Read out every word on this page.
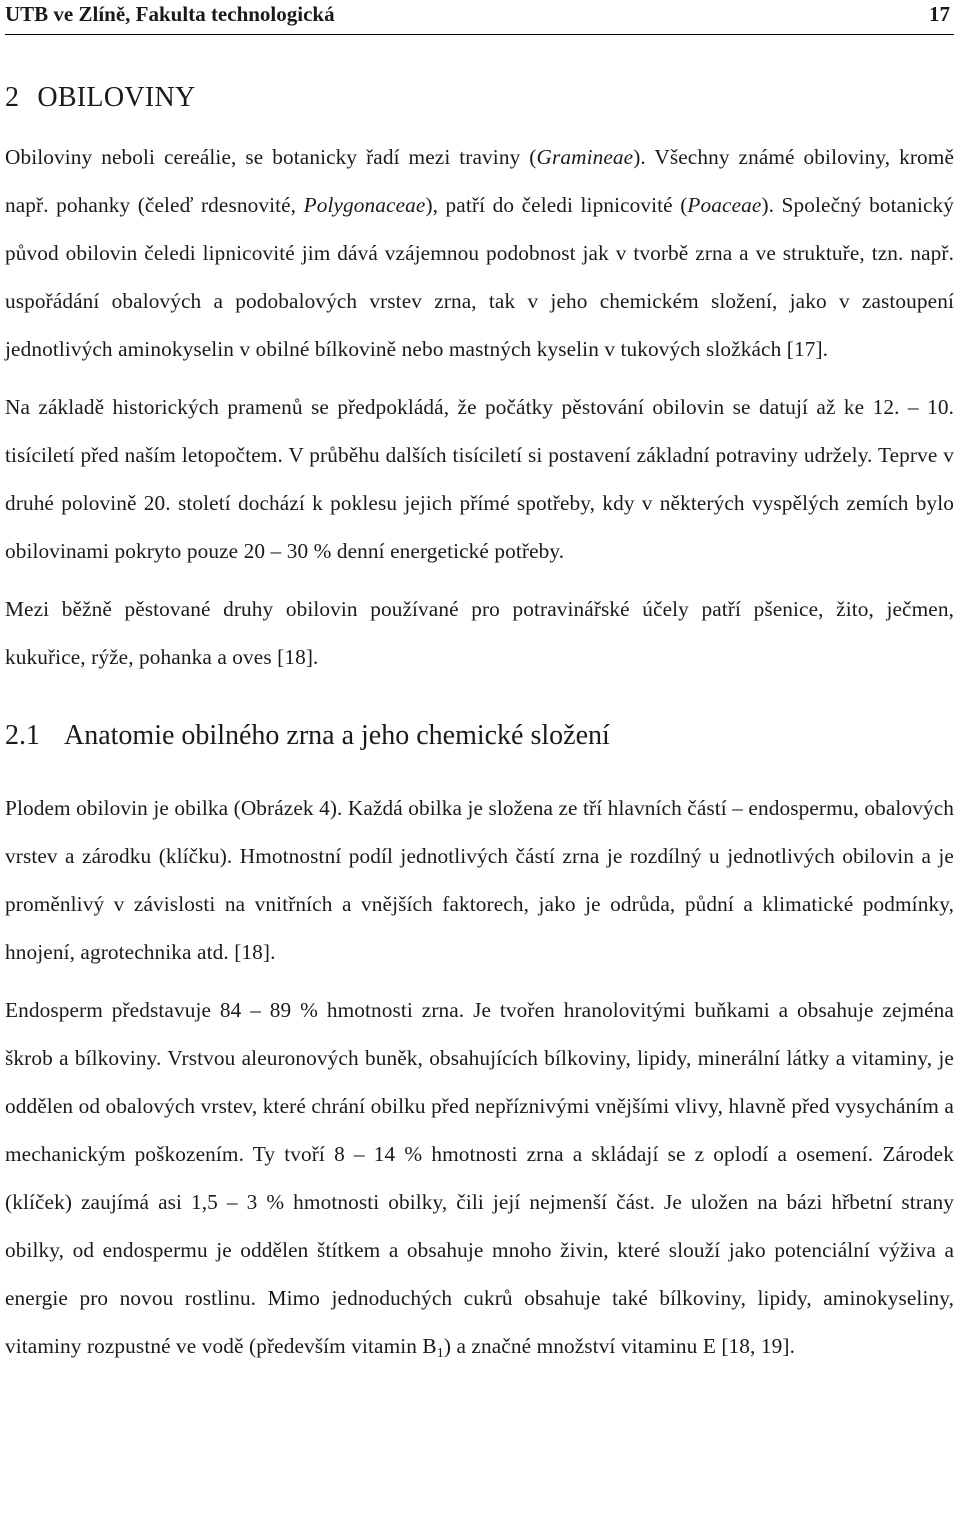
UTB ve Zlíně, Fakulta technologická	17
2 OBILOVINY

Obiloviny neboli cereálie, se botanicky řadí mezi traviny (Gramineae). Všechny známé obiloviny, kromě např. pohanky (čeleď rdesnovité, Polygonaceae), patří do čeledi lipnicovité (Poaceae). Společný botanický původ obilovin čeledi lipnicovité jim dává vzájemnou podobnost jak v tvorbě zrna a ve struktuře, tzn. např. uspořádání obalových a podobalových vrstev zrna, tak v jeho chemickém složení, jako v zastoupení jednotlivých aminokyselin v obilné bílkovině nebo mastných kyselin v tukových složkách [17].

Na základě historických pramenů se předpokládá, že počátky pěstování obilovin se datují až ke 12. – 10. tisíciletí před naším letopočtem. V průběhu dalších tisíciletí si postavení základní potraviny udržely. Teprve v druhé polovině 20. století dochází k poklesu jejich přímé spotřeby, kdy v některých vyspělých zemích bylo obilovinami pokryto pouze 20 – 30 % denní energetické potřeby.

Mezi běžně pěstované druhy obilovin používané pro potravinářské účely patří pšenice, žito, ječmen, kukuřice, rýže, pohanka a oves [18].

2.1 Anatomie obilného zrna a jeho chemické složení

Plodem obilovin je obilka (Obrázek 4). Každá obilka je složena ze tří hlavních částí – endospermu, obalových vrstev a zárodku (klíčku). Hmotnostní podíl jednotlivých částí zrna je rozdílný u jednotlivých obilovin a je proměnlivý v závislosti na vnitřních a vnějších faktorech, jako je odrůda, půdní a klimatické podmínky, hnojení, agrotechnika atd. [18].

Endosperm představuje 84 – 89 % hmotnosti zrna. Je tvořen hranolovitými buňkami a obsahuje zejména škrob a bílkoviny. Vrstvou aleuronových buněk, obsahujících bílkoviny, lipidy, minerální látky a vitaminy, je oddělen od obalových vrstev, které chrání obilku před nepříznivými vnějšími vlivy, hlavně před vysycháním a mechanickým poškozením. Ty tvoří 8 – 14 % hmotnosti zrna a skládají se z oplodí a osemení. Zárodek (klíček) zaujímá asi 1,5 – 3 % hmotnosti obilky, čili její nejmenší část. Je uložen na bázi hřbetní strany obilky, od endospermu je oddělen štítkem a obsahuje mnoho živin, které slouží jako potenciální výživa a energie pro novou rostlinu. Mimo jednoduchých cukrů obsahuje také bílkoviny, lipidy, aminokyseliny, vitaminy rozpustné ve vodě (především vitamin $B_1$) a značné množství vitaminu E [18, 19].
